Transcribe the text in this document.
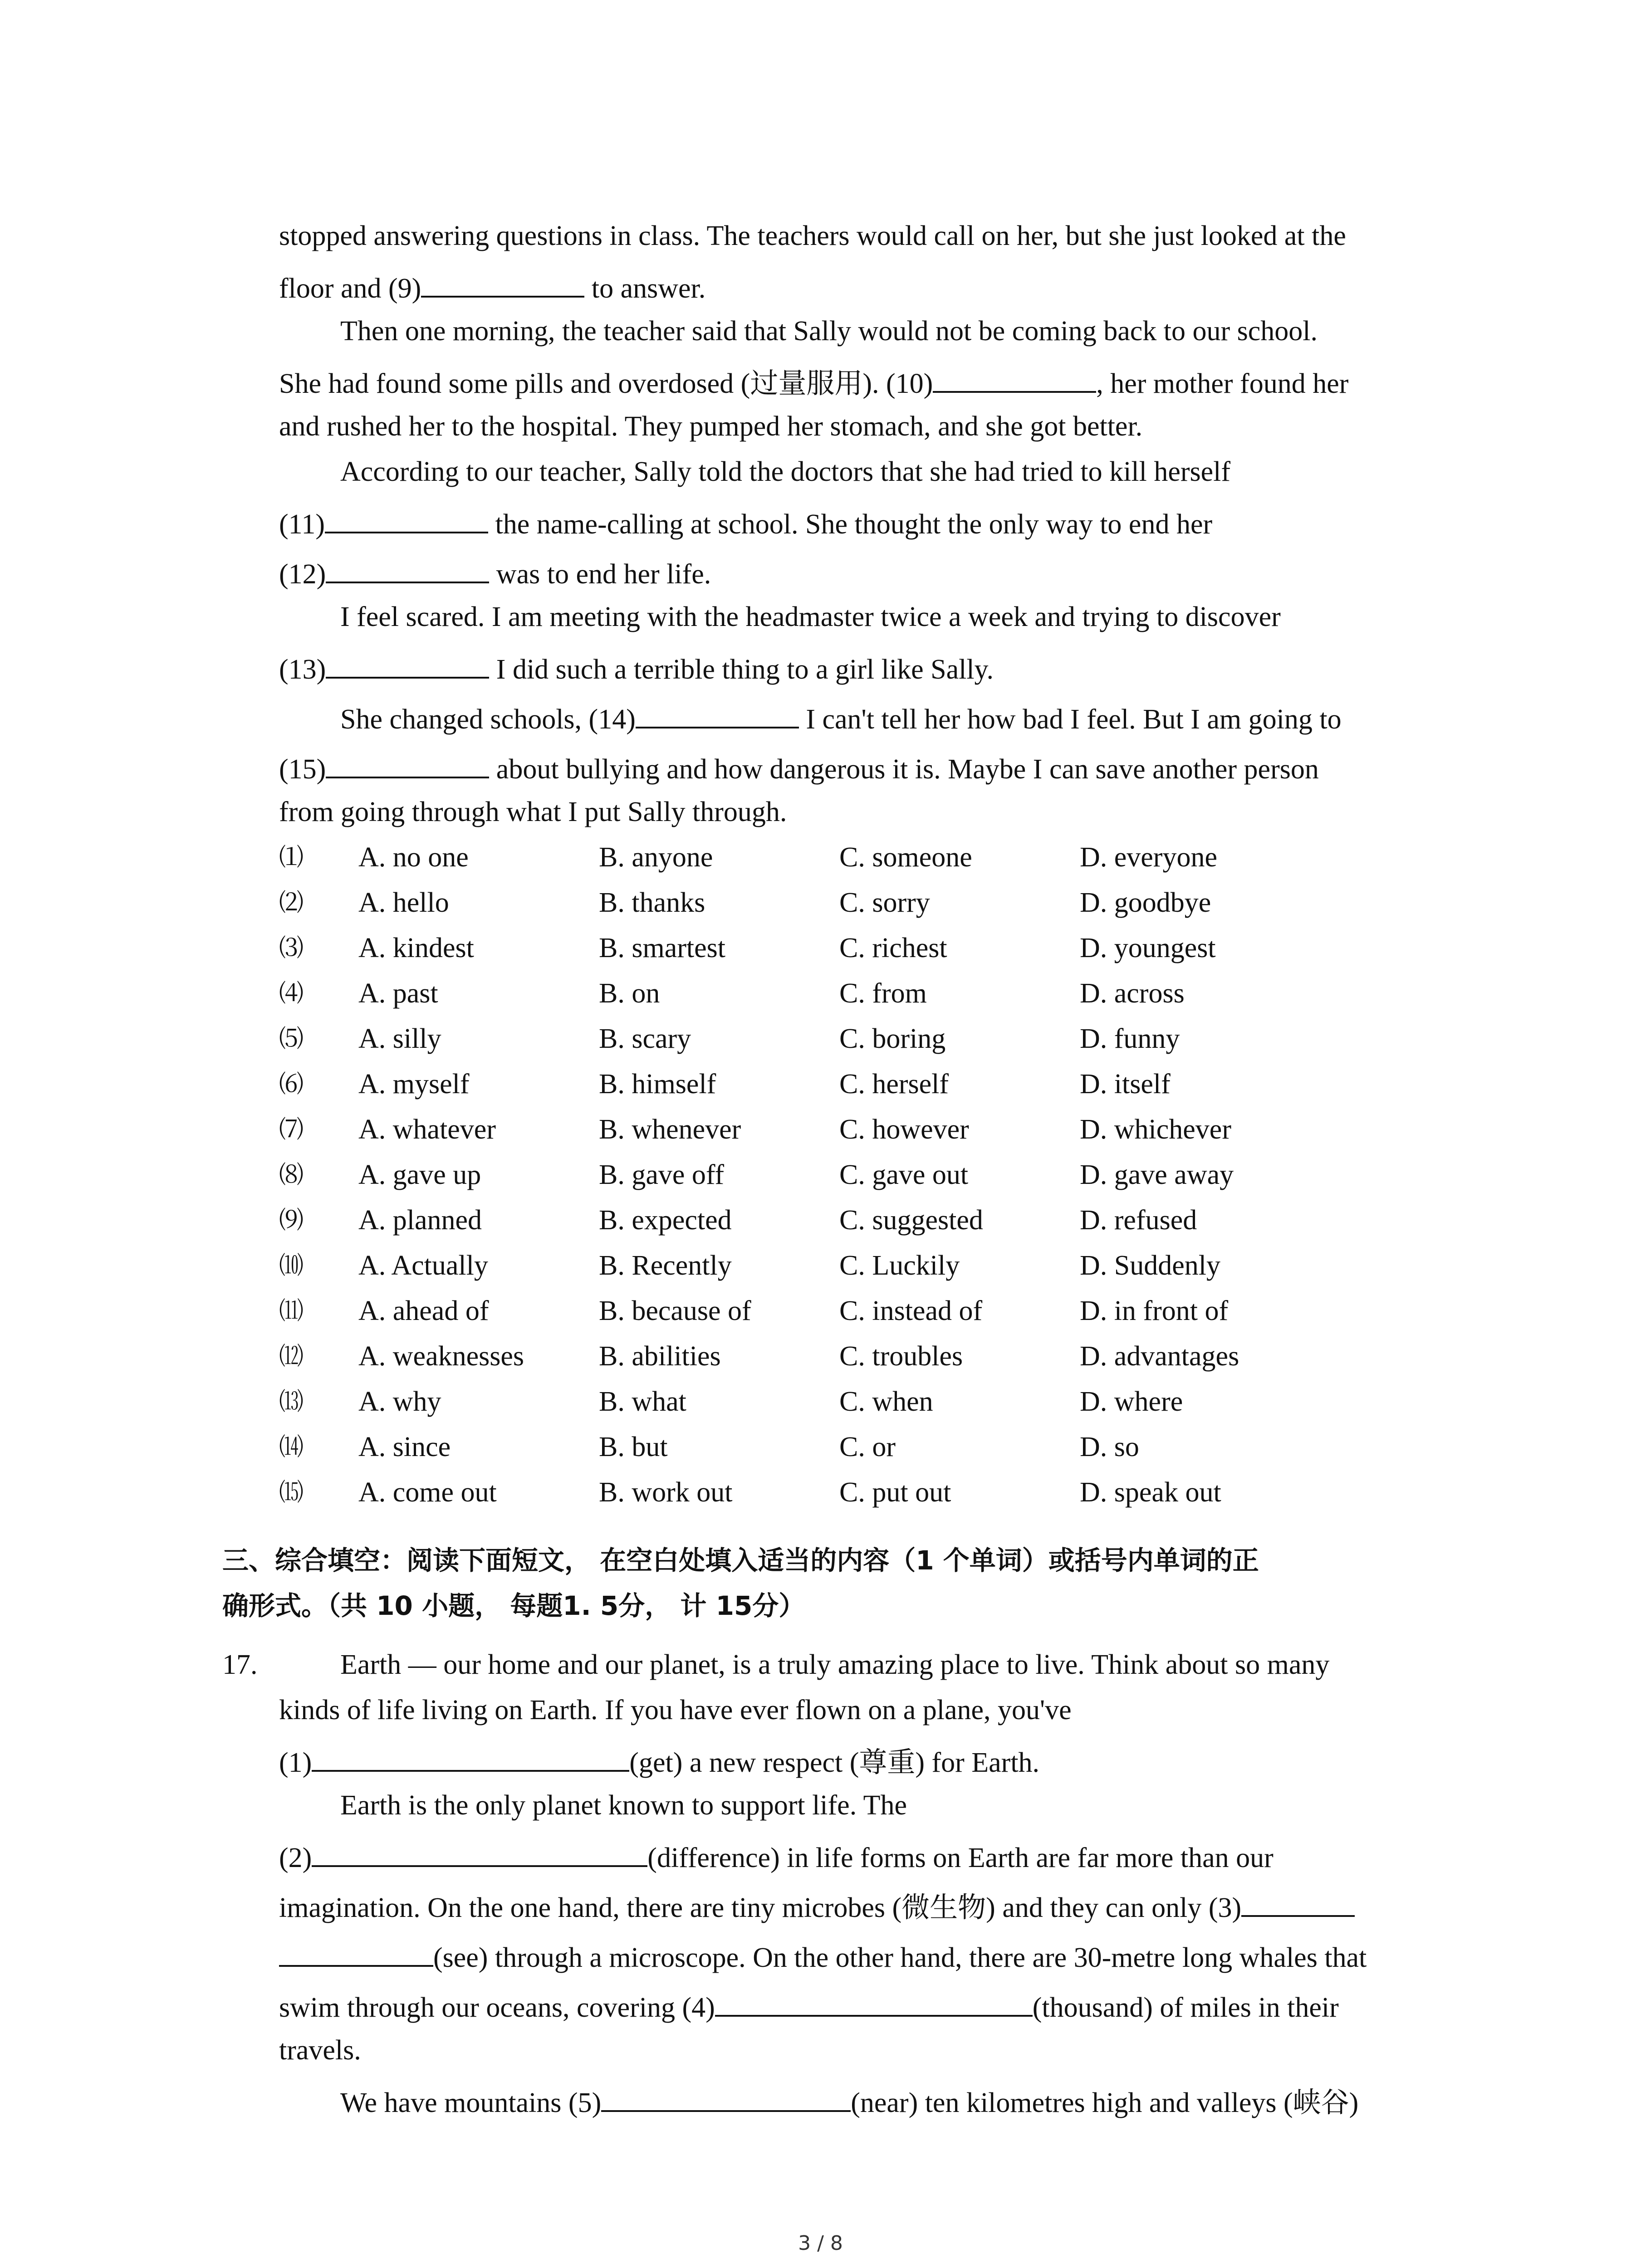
stopped answering questions in class. The teachers would call on her, but she just looked at the
floor and (9)	to answer.
Then one morning, the teacher said that Sally would not be coming back to our school.
She had found some pills and overdosed (过量服用). (10)	, her mother found her
and rushed her to the hospital. They pumped her stomach, and she got better.
According to our teacher, Sally told the doctors that she had tried to kill herself
(11)	the name-calling at school. She thought the only way to end her
(12)	was to end her life.
I feel scared. I am meeting with the headmaster twice a week and trying to discover
(13)	I did such a terrible thing to a girl like Sally.
She changed schools, (14)	I can't tell her how bad I feel. But I am going to
(15)	about bullying and how dangerous it is. Maybe I can save another person
from going through what I put Sally through.
⑴ A. no one	B. anyone	C. someone	D. everyone
⑵ A. hello	B. thanks	C. sorry	D. goodbye
⑶ A. kindest	B. smartest	C. richest	D. youngest
⑷ A. past	B. on	C. from	D. across
⑸ A. silly	B. scary	C. boring	D. funny
⑹ A. myself	B. himself	C. herself	D. itself
⑺ A. whatever	B. whenever	C. however	D. whichever
⑻ A. gave up	B. gave off	C. gave out	D. gave away
⑼ A. planned	B. expected	C. suggested	D. refused
⑽ A. Actually	B. Recently	C. Luckily	D. Suddenly
⑾ A. ahead of	B. because of	C. instead of	D. in front of
⑿ A. weaknesses	B. abilities	C. troubles	D. advantages
⒀ A. why	B. what	C. when	D. where
⒁ A. since	B. but	C. or	D. so
⒂ A. come out	B. work out	C. put out	D. speak out
三、综合填空：阅读下面短文， 在空白处填入适当的内容（1 个单词）或括号内单词的正
确形式。（共 10 小题， 每题1. 5分， 计 15分）
17.	Earth — our home and our planet, is a truly amazing place to live. Think about so many
kinds of life living on Earth. If you have ever flown on a plane, you've
(1)	(get) a new respect (尊重) for Earth.
Earth is the only planet known to support life. The
(2)	(difference) in life forms on Earth are far more than our
imagination. On the one hand, there are tiny microbes (微生物) and they can only (3)
(see) through a microscope. On the other hand, there are 30-metre long whales that
swim through our oceans, covering (4)	(thousand) of miles in their
travels.
We have mountains (5)	(near) ten kilometres high and valleys (峡谷)
3 / 8
